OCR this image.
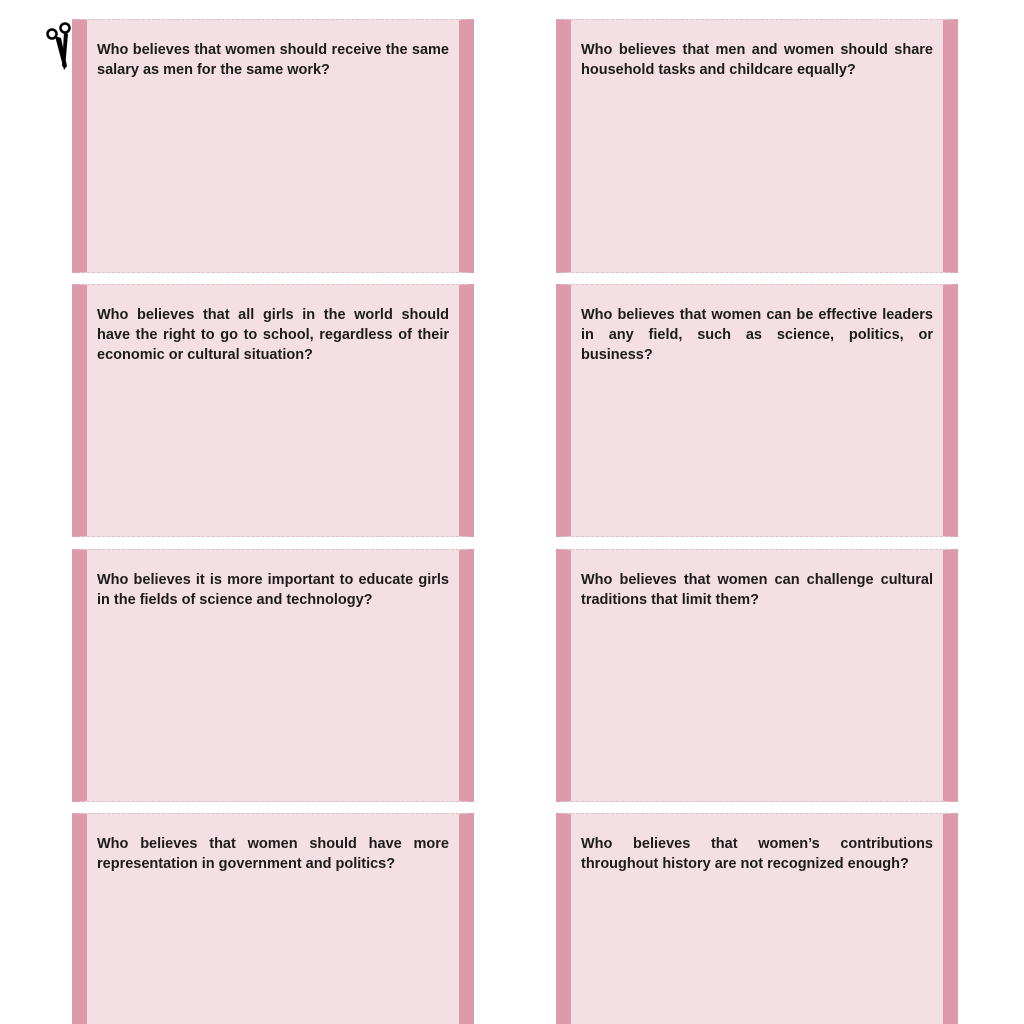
Who believes that women should receive the same salary as men for the same work?

Who believes that men and women should share household tasks and childcare equally?

Who believes that all girls in the world should have the right to go to school, regardless of their economic or cultural situation?

Who believes that women can be effective leaders in any field, such as science, politics, or business?

Who believes it is more important to educate girls in the fields of science and technology?

Who believes that women can challenge cultural traditions that limit them?

Who believes that women should have more representation in government and politics?

Who believes that women’s contributions throughout history are not recognized enough?
